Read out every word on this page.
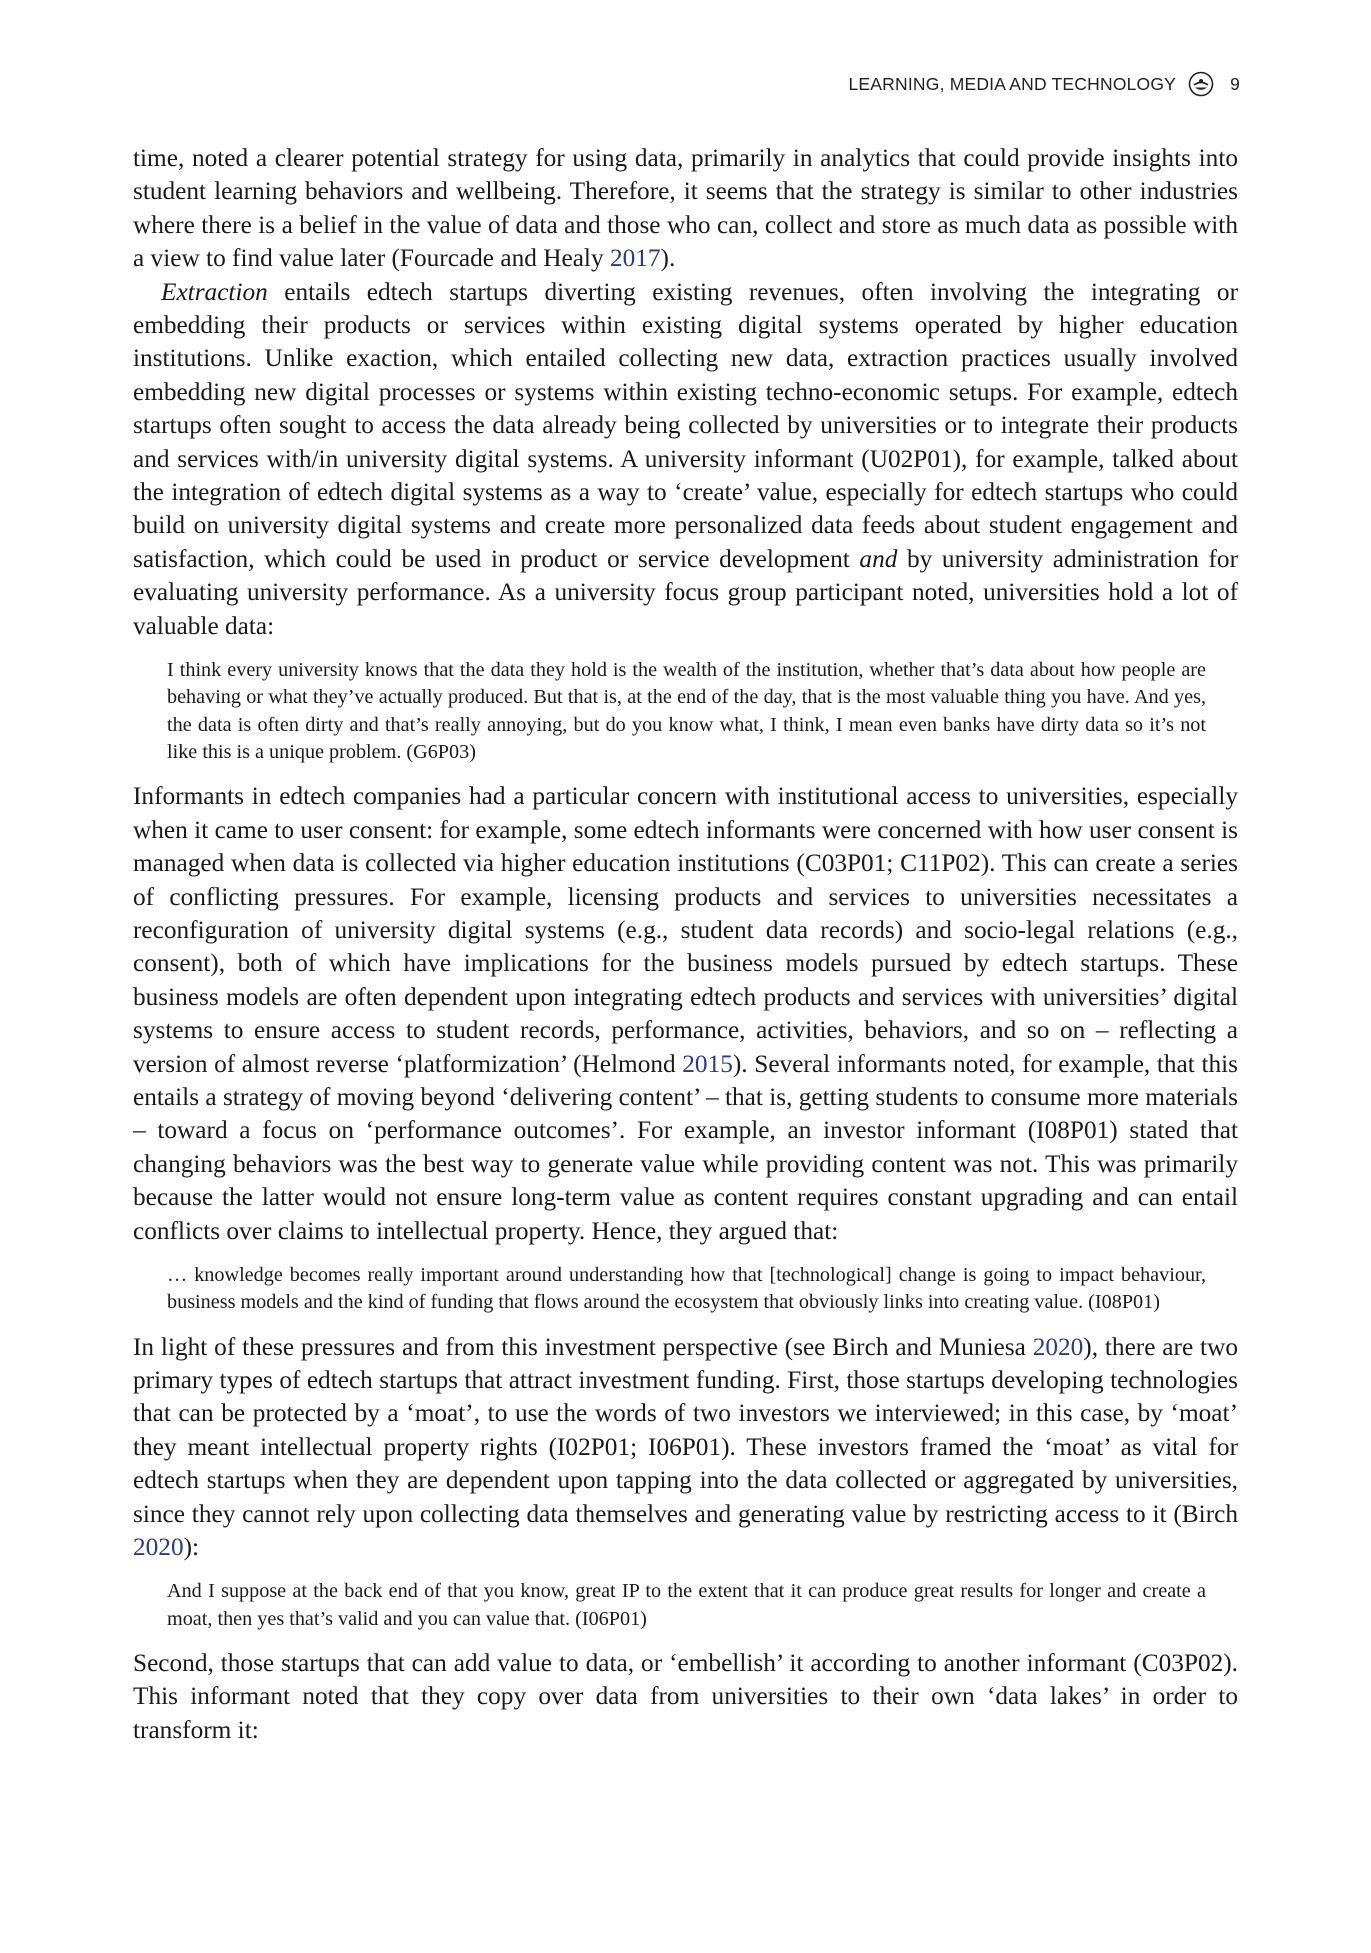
LEARNING, MEDIA AND TECHNOLOGY	9

time, noted a clearer potential strategy for using data, primarily in analytics that could provide insights into student learning behaviors and wellbeing. Therefore, it seems that the strategy is similar to other industries where there is a belief in the value of data and those who can, collect and store as much data as possible with a view to find value later (Fourcade and Healy 2017).

Extraction entails edtech startups diverting existing revenues, often involving the integrating or embedding their products or services within existing digital systems operated by higher education institutions. Unlike exaction, which entailed collecting new data, extraction practices usually involved embedding new digital processes or systems within existing techno-economic setups. For example, edtech startups often sought to access the data already being collected by universities or to integrate their products and services with/in university digital systems. A university informant (U02P01), for example, talked about the integration of edtech digital systems as a way to ‘create’ value, especially for edtech startups who could build on university digital systems and create more personalized data feeds about student engagement and satisfaction, which could be used in product or service development and by university administration for evaluating university performance. As a university focus group participant noted, universities hold a lot of valuable data:

I think every university knows that the data they hold is the wealth of the institution, whether that’s data about how people are behaving or what they’ve actually produced. But that is, at the end of the day, that is the most valuable thing you have. And yes, the data is often dirty and that’s really annoying, but do you know what, I think, I mean even banks have dirty data so it’s not like this is a unique problem. (G6P03)

Informants in edtech companies had a particular concern with institutional access to universities, especially when it came to user consent: for example, some edtech informants were concerned with how user consent is managed when data is collected via higher education institutions (C03P01; C11P02). This can create a series of conflicting pressures. For example, licensing products and services to universities necessitates a reconfiguration of university digital systems (e.g., student data records) and socio-legal relations (e.g., consent), both of which have implications for the business models pursued by edtech startups. These business models are often dependent upon integrating edtech products and services with universities’ digital systems to ensure access to student records, performance, activities, behaviors, and so on – reflecting a version of almost reverse ‘platformization’ (Helmond 2015). Several informants noted, for example, that this entails a strategy of moving beyond ‘delivering content’ – that is, getting students to consume more materials – toward a focus on ‘performance outcomes’. For example, an investor informant (I08P01) stated that changing behaviors was the best way to generate value while providing content was not. This was primarily because the latter would not ensure long-term value as content requires constant upgrading and can entail conflicts over claims to intellectual property. Hence, they argued that:

… knowledge becomes really important around understanding how that [technological] change is going to impact behaviour, business models and the kind of funding that flows around the ecosystem that obviously links into creating value. (I08P01)

In light of these pressures and from this investment perspective (see Birch and Muniesa 2020), there are two primary types of edtech startups that attract investment funding. First, those startups developing technologies that can be protected by a ‘moat’, to use the words of two investors we interviewed; in this case, by ‘moat’ they meant intellectual property rights (I02P01; I06P01). These investors framed the ‘moat’ as vital for edtech startups when they are dependent upon tapping into the data collected or aggregated by universities, since they cannot rely upon collecting data themselves and generating value by restricting access to it (Birch 2020):

And I suppose at the back end of that you know, great IP to the extent that it can produce great results for longer and create a moat, then yes that’s valid and you can value that. (I06P01)

Second, those startups that can add value to data, or ‘embellish’ it according to another informant (C03P02). This informant noted that they copy over data from universities to their own ‘data lakes’ in order to transform it:
